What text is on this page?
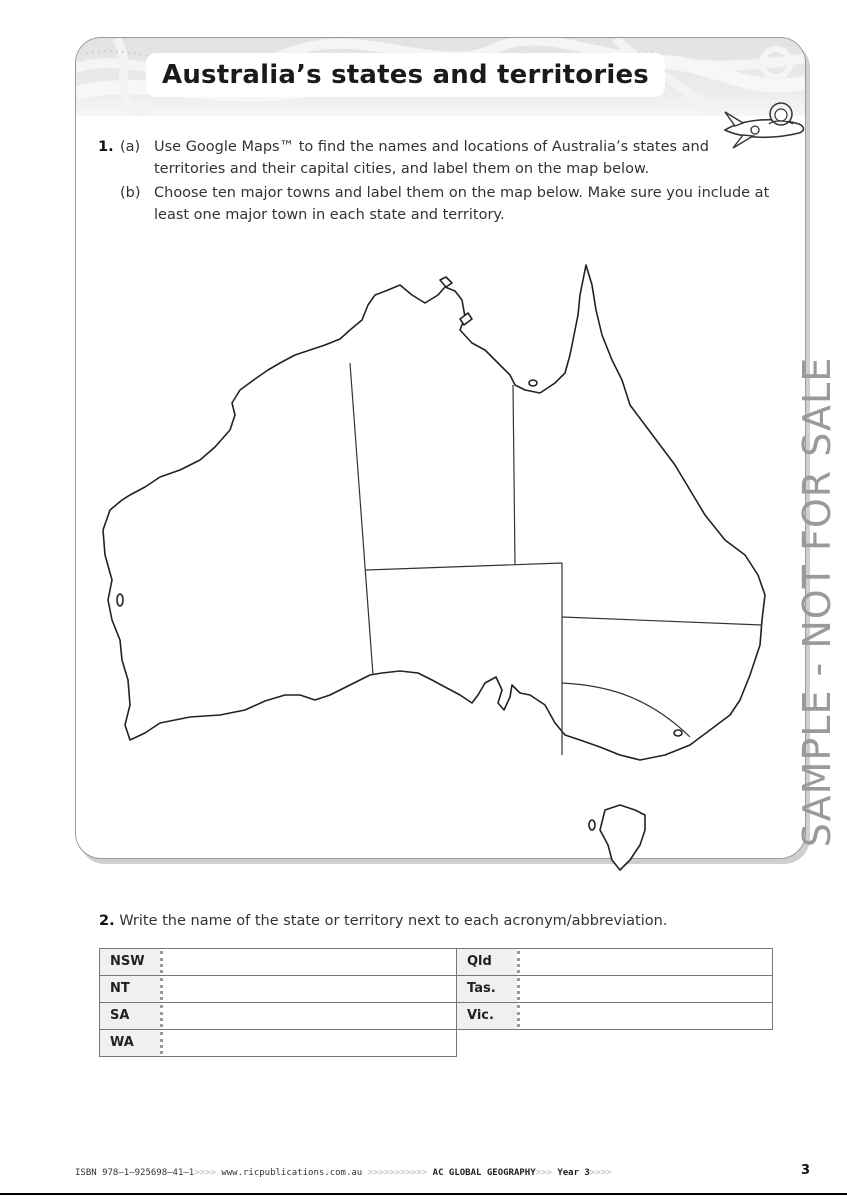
Australia’s states and territories
1. (a) Use Google Maps™ to find the names and locations of Australia’s states and territories and their capital cities, and label them on the map below.
(b) Choose ten major towns and label them on the map below. Make sure you include at least one major town in each state and territory.
2. Write the name of the state or territory next to each acronym/abbreviation.
NSW	Qld
NT	Tas.
SA	Vic.
WA
SAMPLE - NOT FOR SALE
ISBN 978–1–925698–41–1>>>> www.ricpublications.com.au >>>>>>>>>>> AC GLOBAL GEOGRAPHY>>> Year 3>>>>	3
